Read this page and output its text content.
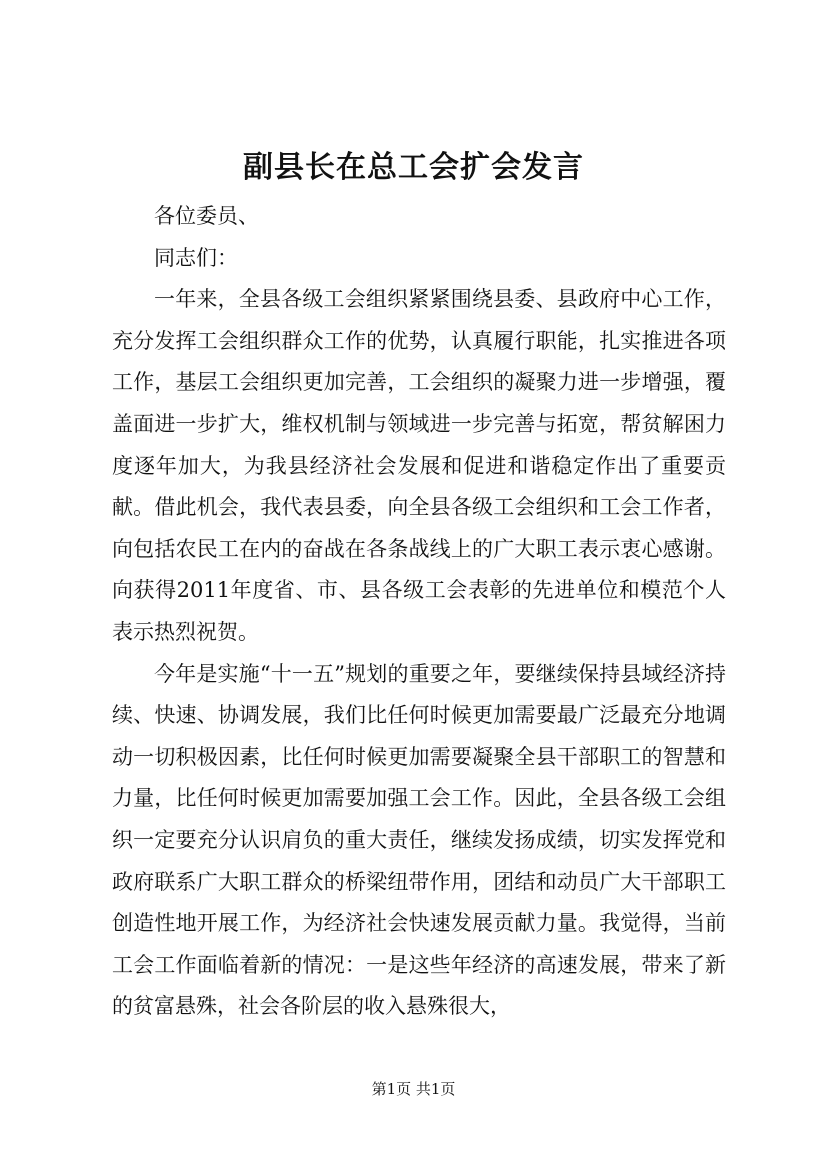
副县长在总工会扩会发言

各位委员、

同志们：

一年来，全县各级工会组织紧紧围绕县委、县政府中心工作，充分发挥工会组织群众工作的优势，认真履行职能，扎实推进各项工作，基层工会组织更加完善，工会组织的凝聚力进一步增强，覆盖面进一步扩大，维权机制与领域进一步完善与拓宽，帮贫解困力度逐年加大，为我县经济社会发展和促进和谐稳定作出了重要贡献。借此机会，我代表县委，向全县各级工会组织和工会工作者，向包括农民工在内的奋战在各条战线上的广大职工表示衷心感谢。向获得2011年度省、市、县各级工会表彰的先进单位和模范个人表示热烈祝贺。

今年是实施“十一五”规划的重要之年，要继续保持县域经济持续、快速、协调发展，我们比任何时候更加需要最广泛最充分地调动一切积极因素，比任何时候更加需要凝聚全县干部职工的智慧和力量，比任何时候更加需要加强工会工作。因此，全县各级工会组织一定要充分认识肩负的重大责任，继续发扬成绩，切实发挥党和政府联系广大职工群众的桥梁纽带作用，团结和动员广大干部职工创造性地开展工作，为经济社会快速发展贡献力量。我觉得，当前工会工作面临着新的情况：一是这些年经济的高速发展，带来了新的贫富悬殊，社会各阶层的收入悬殊很大，

第1页 共1页
